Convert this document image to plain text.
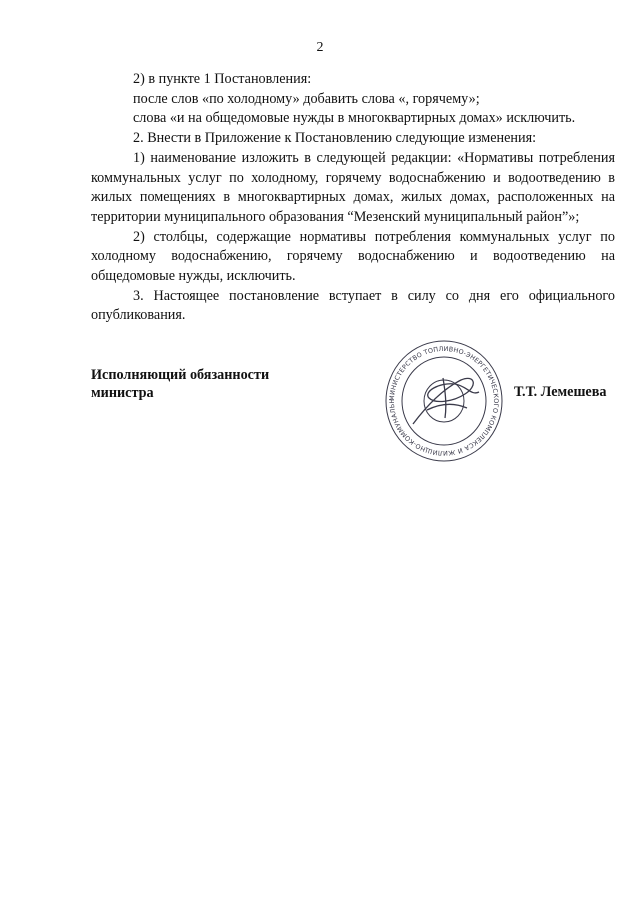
2

2) в пункте 1 Постановления:

после слов «по холодному» добавить слова «, горячему»;

слова «и на общедомовые нужды в многоквартирных домах» исключить.

2. Внести в Приложение к Постановлению следующие изменения:

1) наименование изложить в следующей редакции: «Нормативы потребления коммунальных услуг по холодному, горячему водоснабжению и водоотведению в жилых помещениях в многоквартирных домах, жилых домах, расположенных на территории муниципального образования “Мезенский муниципальный район”»;

2) столбцы, содержащие нормативы потребления коммунальных услуг по холодному водоснабжению, горячему водоснабжению и водоотведению на общедомовые нужды, исключить.

3. Настоящее постановление вступает в силу со дня его официального опубликования.

Исполняющий обязанности
министра	МИНИСТЕРСТВО ТОПЛИВНО-ЭНЕРГЕТИЧЕСКОГО КОМПЛЕКСА И ЖИЛИЩНО-КОММУНАЛЬН
Т.Т. Лемешева
